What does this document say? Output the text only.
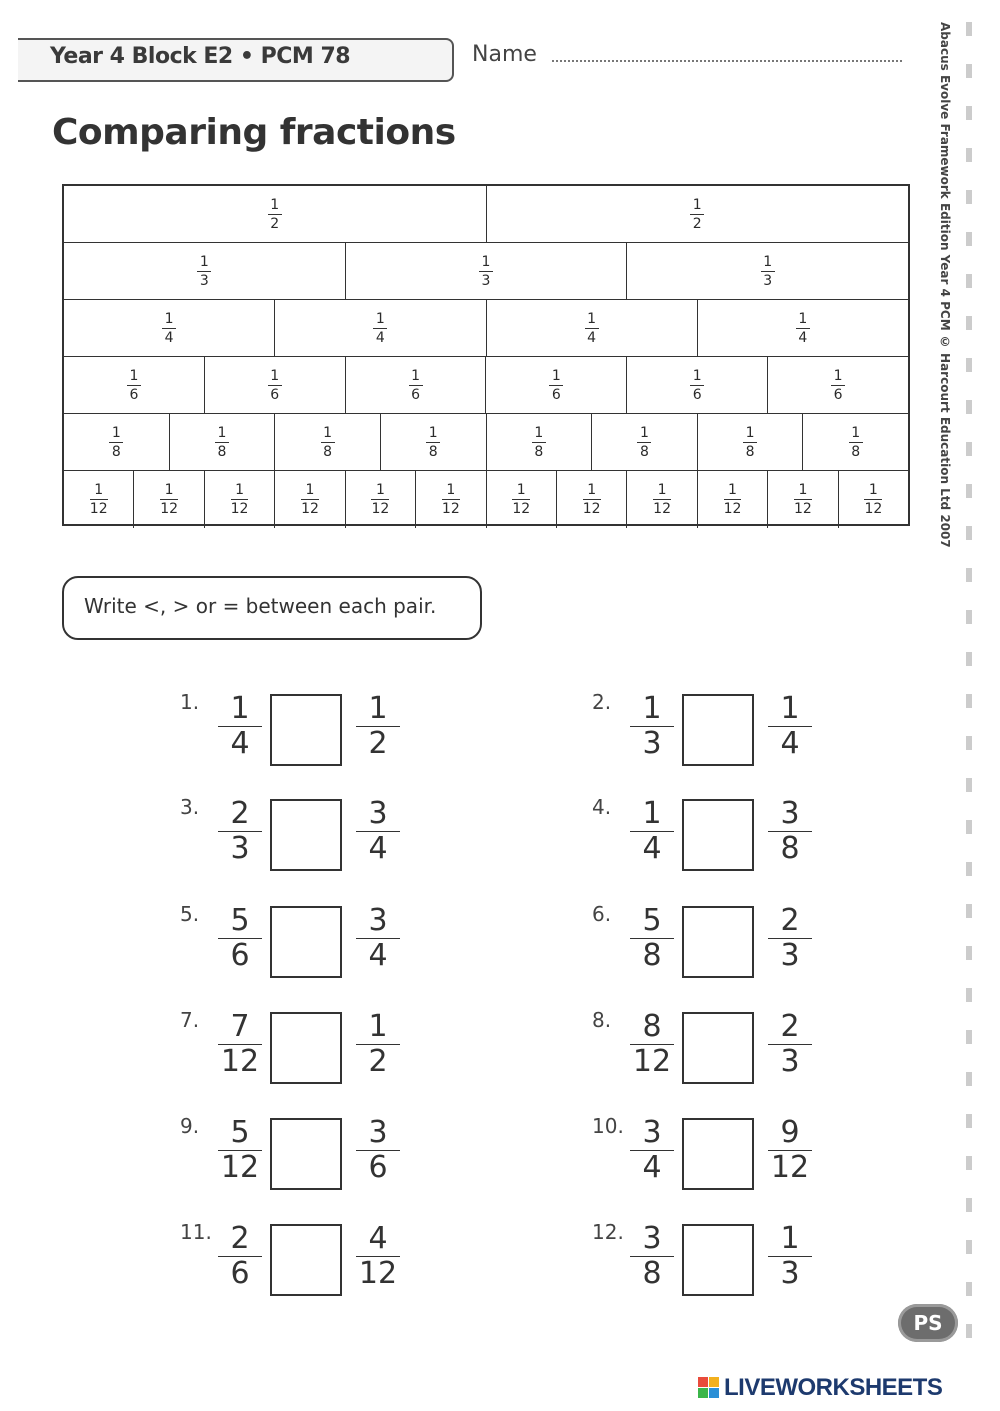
Year 4 Block E2 • PCM 78	Name
Comparing fractions	Abacus Evolve Framework Edition Year 4 PCM © Harcourt Education Ltd 2007
$\frac{1}{2}$	$\frac{1}{2}$
$\frac{1}{3}$	$\frac{1}{3}$	$\frac{1}{3}$
$\frac{1}{4}$	$\frac{1}{4}$	$\frac{1}{4}$	$\frac{1}{4}$
$\frac{1}{6}$	$\frac{1}{6}$	$\frac{1}{6}$	$\frac{1}{6}$	$\frac{1}{6}$	$\frac{1}{6}$
$\frac{1}{8}$	$\frac{1}{8}$	$\frac{1}{8}$	$\frac{1}{8}$	$\frac{1}{8}$	$\frac{1}{8}$	$\frac{1}{8}$	$\frac{1}{8}$
$\frac{1}{12}$	$\frac{1}{12}$	$\frac{1}{12}$	$\frac{1}{12}$	$\frac{1}{12}$	$\frac{1}{12}$	$\frac{1}{12}$	$\frac{1}{12}$	$\frac{1}{12}$	$\frac{1}{12}$	$\frac{1}{12}$	$\frac{1}{12}$
Write <, > or = between each pair.
1. 1
4
1
2
2. 1
3
1
4
3. 2
3
3
4
4. 1
4
3
8
5. 5
6
3
4
6. 5
8
2
3
7. 7
12
1
2
8. 8
12
2
3
9. 5
12
3
6
10. 3
4
9
12
11. 2
6
4
12
12. 3
8
1
3
PS
LIVEWORKSHEETS
